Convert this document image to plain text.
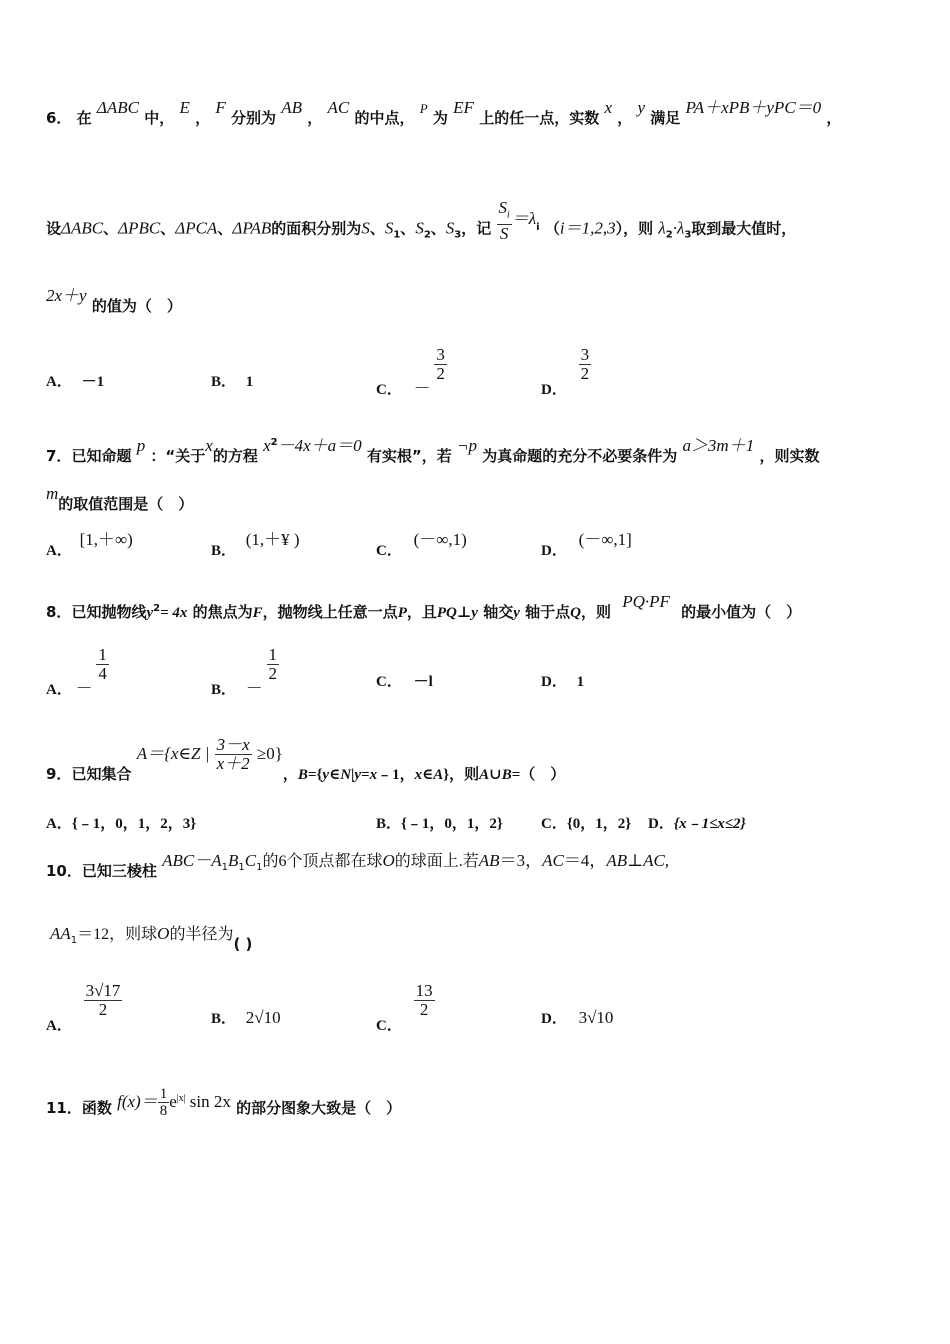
6． 在 ΔABC 中， E ， F 分别为 AB ， AC 的中点， P 为 EF 上的任一点，实数 x ， y 满足 PA＋xPB＋yPC＝0 ，
设ΔABC、ΔPBC、ΔPCA、ΔPAB的面积分别为S、$S_1$、$S_2$、$S_3$，记 $\frac{S_i}{S} =\lambda_i$ （i＝1,2,3），则 $\lambda_2\cdot\lambda_3$取到最大值时，
2x＋y 的值为（　）
A． －1	B． 1	C． －
$\frac{3}{2}$
D．
$\frac{3}{2}$
7．已知命题 p ：“关于x的方程 $x^2-4x+a=0$ 有实根”，若 ¬p 为真命题的充分不必要条件为 a＞3m＋1 ，则实数
m的取值范围是（　）
A． [1,＋∞)
B． (1,＋¥ )
C． (－∞,1)
D． (－∞,1]
8．已知抛物线$y^2= 4x$ 的焦点为F，抛物线上任意一点P，且PQ⊥y 轴交y 轴于点Q，则 PQ·PF 的最小值为（　）
A． －
$\frac{1}{4}$
B． －
$\frac{1}{2}$	C． －l	D． 1
9．已知集合 A＝{x∈Z | $\frac{3-x}{x+2} \ge 0$}，B={y∈N|y=x﹣1，x∈A}，则A∪B=（　）
A．{﹣1，0，1，2，3}	B．{﹣1，0，1，2}	C．{0，1，2} D．{x﹣1≤x≤2}
10．已知三棱柱 $ABC-A_1B_1C_1$的6个顶点都在球O的球面上.若AB＝3，AC＝4，AB⊥AC,
$AA_1=12$，则球O的半径为( )
A．
$\frac{3√17}{2}$	B． 2√10	C．
$\frac{13}{2}$	D． 3√10
11．函数 $f(x)= \frac{1}{8} e^{|x|}$ sin 2x 的部分图象大致是（　）
